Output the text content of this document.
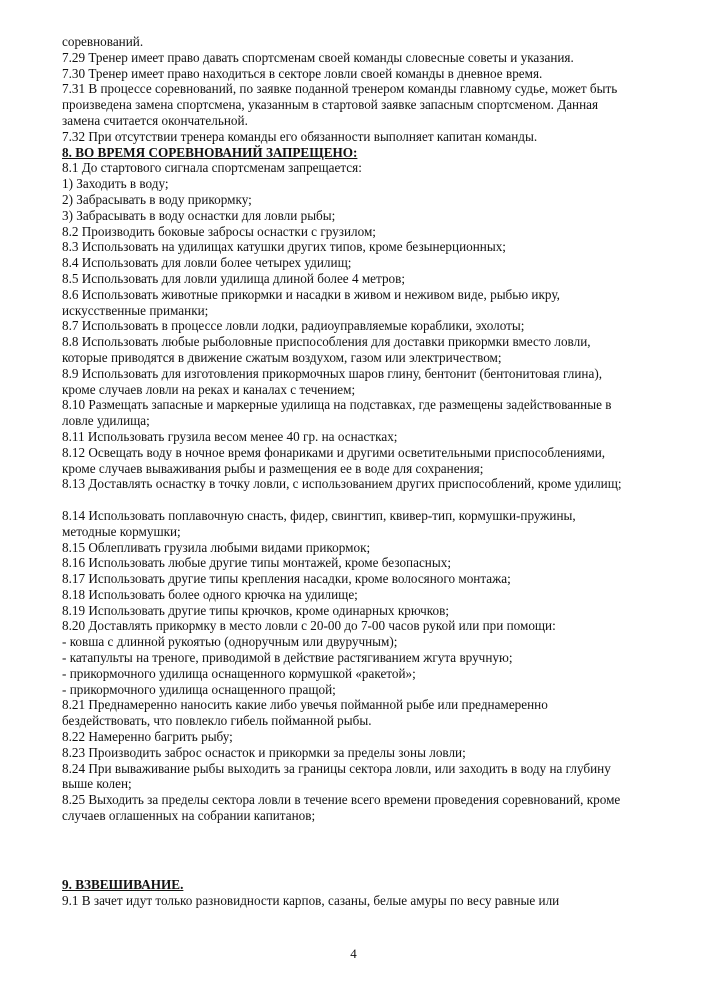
соревнований.
7.29 Тренер имеет право давать спортсменам своей команды словесные советы и указания.
7.30 Тренер имеет право находиться в секторе ловли своей команды в дневное время.
7.31 В процессе соревнований, по заявке поданной тренером команды главному судье, может быть
произведена замена спортсмена, указанным в стартовой заявке запасным спортсменом. Данная
замена считается окончательной.
7.32 При отсутствии тренера команды его обязанности выполняет капитан команды.
8. ВО ВРЕМЯ СОРЕВНОВАНИЙ ЗАПРЕЩЕНО:
8.1 До стартового сигнала спортсменам запрещается:
1) Заходить в воду;
2) Забрасывать в воду прикормку;
3) Забрасывать в воду оснастки для ловли рыбы;
8.2 Производить боковые забросы оснастки с грузилом;
8.3 Использовать на удилищах катушки других типов, кроме безынерционных;
8.4 Использовать для ловли более четырех удилищ;
8.5 Использовать для ловли удилища длиной более 4 метров;
8.6 Использовать животные прикормки и насадки в живом и неживом виде, рыбью икру,
искусственные приманки;
8.7 Использовать в процессе ловли лодки, радиоуправляемые кораблики, эхолоты;
8.8 Использовать любые рыболовные приспособления для доставки прикормки вместо ловли,
которые приводятся в движение сжатым воздухом, газом или электричеством;
8.9 Использовать для изготовления прикормочных шаров глину, бентонит (бентонитовая глина),
кроме случаев ловли на реках и каналах с течением;
8.10 Размещать запасные и маркерные удилища на подставках, где размещены задействованные в
ловле удилища;
8.11 Использовать грузила весом менее 40 гр. на оснастках;
8.12 Освещать воду в ночное время фонариками и другими осветительными приспособлениями,
кроме случаев вываживания рыбы и размещения ее в воде для сохранения;
8.13 Доставлять оснастку в точку ловли, с использованием других приспособлений, кроме удилищ;
8.14 Использовать поплавочную снасть, фидер, свингтип, квивер-тип, кормушки-пружины,
методные кормушки;
8.15 Облепливать грузила любыми видами прикормок;
8.16 Использовать любые другие типы монтажей, кроме безопасных;
8.17 Использовать другие типы крепления насадки, кроме волосяного монтажа;
8.18 Использовать более одного крючка на удилище;
8.19 Использовать другие типы крючков, кроме одинарных крючков;
8.20 Доставлять прикормку в место ловли с 20-00 до 7-00 часов рукой или при помощи:
- ковша с длинной рукоятью (одноручным или двуручным);
- катапульты на треноге, приводимой в действие растягиванием жгута вручную;
- прикормочного удилища оснащенного кормушкой «ракетой»;
- прикормочного удилища оснащенного пращой;
8.21 Преднамеренно наносить какие либо увечья пойманной рыбе или преднамеренно
бездействовать, что повлекло гибель пойманной рыбы.
8.22 Намеренно багрить рыбу;
8.23 Производить заброс оснасток и прикормки за пределы зоны ловли;
8.24 При вываживание рыбы выходить за границы сектора ловли, или заходить в воду на глубину
выше колен;
8.25 Выходить за пределы сектора ловли в течение всего времени проведения соревнований, кроме
случаев оглашенных на собрании капитанов;
9. ВЗВЕШИВАНИЕ.
9.1 В зачет идут только разновидности карпов, сазаны, белые амуры по весу равные или
4
